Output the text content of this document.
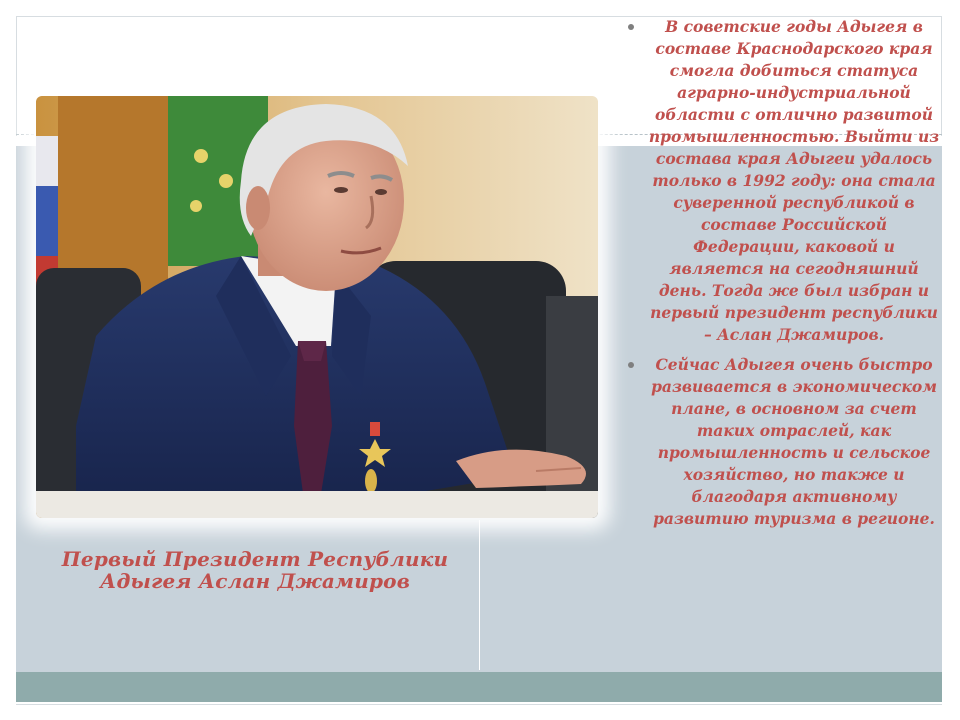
Первый Президент Республики Адыгея Аслан Джамиров
В советские годы Адыгея в составе Краснодарского края смогла добиться статуса аграрно-индустриальной области с отлично развитой промышленностью. Выйти из состава края Адыгеи удалось только в 1992 году: она стала суверенной республикой в составе Российской Федерации, каковой и является на сегодняшний день. Тогда же был избран и первый президент республики – Аслан Джамиров.
Сейчас Адыгея очень быстро развивается в экономическом плане, в основном за счет таких отраслей, как промышленность и сельское хозяйство, но также и благодаря активному развитию туризма в регионе.
